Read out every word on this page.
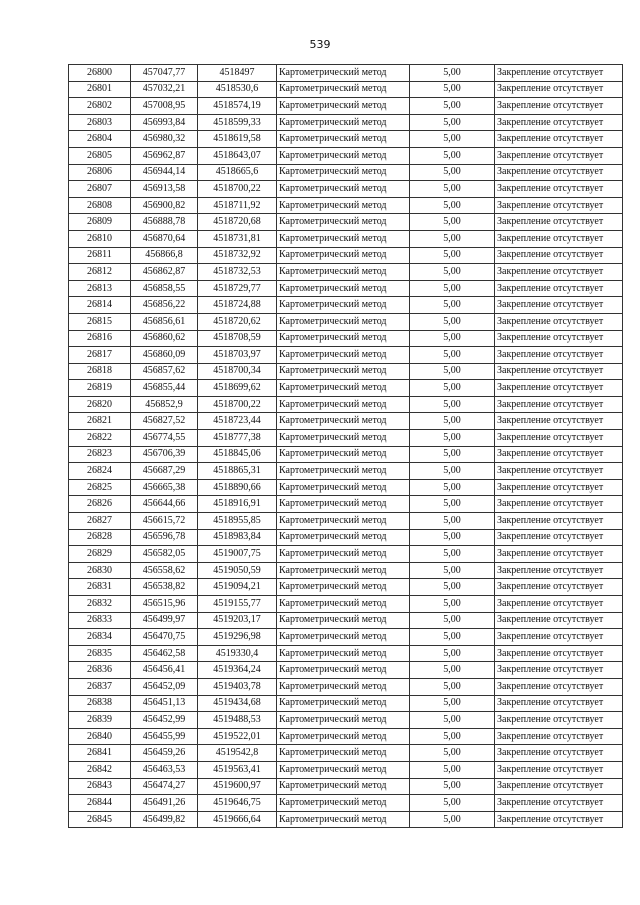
539
26800	457047,77	4518497	Картометрический метод	5,00	Закрепление отсутствует
26801	457032,21	4518530,6	Картометрический метод	5,00	Закрепление отсутствует
26802	457008,95	4518574,19	Картометрический метод	5,00	Закрепление отсутствует
26803	456993,84	4518599,33	Картометрический метод	5,00	Закрепление отсутствует
26804	456980,32	4518619,58	Картометрический метод	5,00	Закрепление отсутствует
26805	456962,87	4518643,07	Картометрический метод	5,00	Закрепление отсутствует
26806	456944,14	4518665,6	Картометрический метод	5,00	Закрепление отсутствует
26807	456913,58	4518700,22	Картометрический метод	5,00	Закрепление отсутствует
26808	456900,82	4518711,92	Картометрический метод	5,00	Закрепление отсутствует
26809	456888,78	4518720,68	Картометрический метод	5,00	Закрепление отсутствует
26810	456870,64	4518731,81	Картометрический метод	5,00	Закрепление отсутствует
26811	456866,8	4518732,92	Картометрический метод	5,00	Закрепление отсутствует
26812	456862,87	4518732,53	Картометрический метод	5,00	Закрепление отсутствует
26813	456858,55	4518729,77	Картометрический метод	5,00	Закрепление отсутствует
26814	456856,22	4518724,88	Картометрический метод	5,00	Закрепление отсутствует
26815	456856,61	4518720,62	Картометрический метод	5,00	Закрепление отсутствует
26816	456860,62	4518708,59	Картометрический метод	5,00	Закрепление отсутствует
26817	456860,09	4518703,97	Картометрический метод	5,00	Закрепление отсутствует
26818	456857,62	4518700,34	Картометрический метод	5,00	Закрепление отсутствует
26819	456855,44	4518699,62	Картометрический метод	5,00	Закрепление отсутствует
26820	456852,9	4518700,22	Картометрический метод	5,00	Закрепление отсутствует
26821	456827,52	4518723,44	Картометрический метод	5,00	Закрепление отсутствует
26822	456774,55	4518777,38	Картометрический метод	5,00	Закрепление отсутствует
26823	456706,39	4518845,06	Картометрический метод	5,00	Закрепление отсутствует
26824	456687,29	4518865,31	Картометрический метод	5,00	Закрепление отсутствует
26825	456665,38	4518890,66	Картометрический метод	5,00	Закрепление отсутствует
26826	456644,66	4518916,91	Картометрический метод	5,00	Закрепление отсутствует
26827	456615,72	4518955,85	Картометрический метод	5,00	Закрепление отсутствует
26828	456596,78	4518983,84	Картометрический метод	5,00	Закрепление отсутствует
26829	456582,05	4519007,75	Картометрический метод	5,00	Закрепление отсутствует
26830	456558,62	4519050,59	Картометрический метод	5,00	Закрепление отсутствует
26831	456538,82	4519094,21	Картометрический метод	5,00	Закрепление отсутствует
26832	456515,96	4519155,77	Картометрический метод	5,00	Закрепление отсутствует
26833	456499,97	4519203,17	Картометрический метод	5,00	Закрепление отсутствует
26834	456470,75	4519296,98	Картометрический метод	5,00	Закрепление отсутствует
26835	456462,58	4519330,4	Картометрический метод	5,00	Закрепление отсутствует
26836	456456,41	4519364,24	Картометрический метод	5,00	Закрепление отсутствует
26837	456452,09	4519403,78	Картометрический метод	5,00	Закрепление отсутствует
26838	456451,13	4519434,68	Картометрический метод	5,00	Закрепление отсутствует
26839	456452,99	4519488,53	Картометрический метод	5,00	Закрепление отсутствует
26840	456455,99	4519522,01	Картометрический метод	5,00	Закрепление отсутствует
26841	456459,26	4519542,8	Картометрический метод	5,00	Закрепление отсутствует
26842	456463,53	4519563,41	Картометрический метод	5,00	Закрепление отсутствует
26843	456474,27	4519600,97	Картометрический метод	5,00	Закрепление отсутствует
26844	456491,26	4519646,75	Картометрический метод	5,00	Закрепление отсутствует
26845	456499,82	4519666,64	Картометрический метод	5,00	Закрепление отсутствует
